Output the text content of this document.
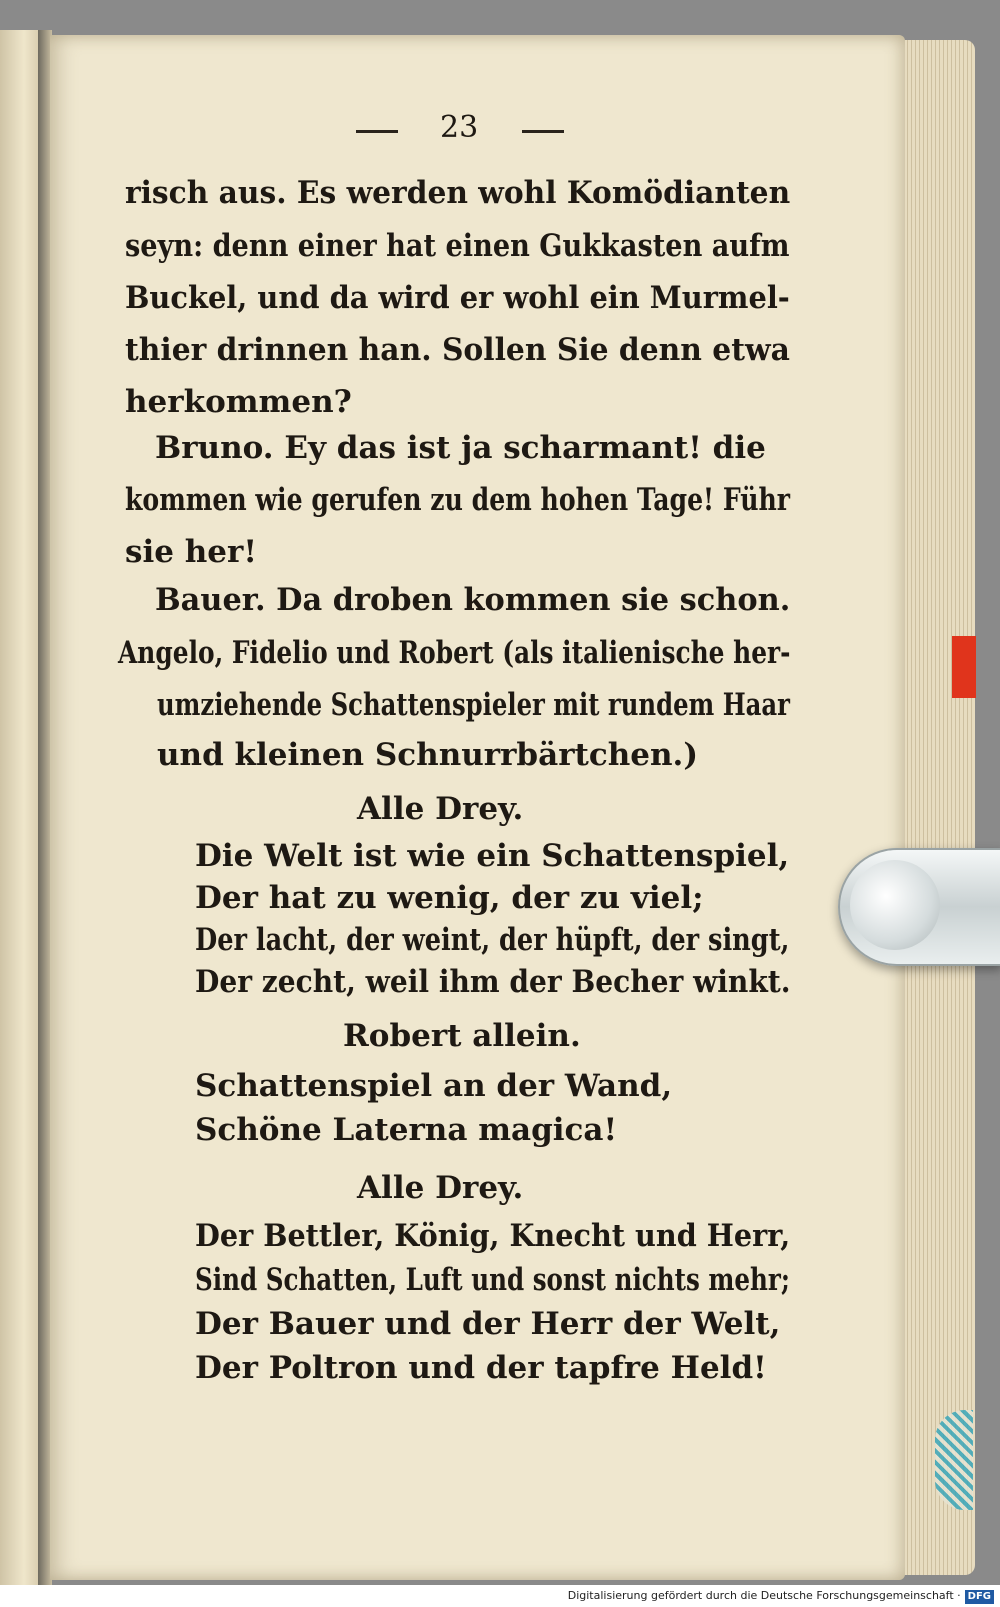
23
risch aus. Es werden wohl Komödianten
seyn: denn einer hat einen Gukkasten aufm
Buckel, und da wird er wohl ein Murmel-
thier drinnen han. Sollen Sie denn etwa
herkommen?
Bruno. Ey das ist ja scharmant! die
kommen wie gerufen zu dem hohen Tage! Führ
sie her!
Bauer. Da droben kommen sie schon.
Angelo, Fidelio und Robert (als italienische her-
umziehende Schattenspieler mit rundem Haar
und kleinen Schnurrbärtchen.)
Alle Drey.
Die Welt ist wie ein Schattenspiel,
Der hat zu wenig, der zu viel;
Der lacht, der weint, der hüpft, der singt,
Der zecht, weil ihm der Becher winkt.
Robert allein.
Schattenspiel an der Wand,
Schöne Laterna magica!
Alle Drey.
Der Bettler, König, Knecht und Herr,
Sind Schatten, Luft und sonst nichts mehr;
Der Bauer und der Herr der Welt,
Der Poltron und der tapfre Held!
Digitalisierung gefördert durch die Deutsche Forschungsgemeinschaft · DFG
